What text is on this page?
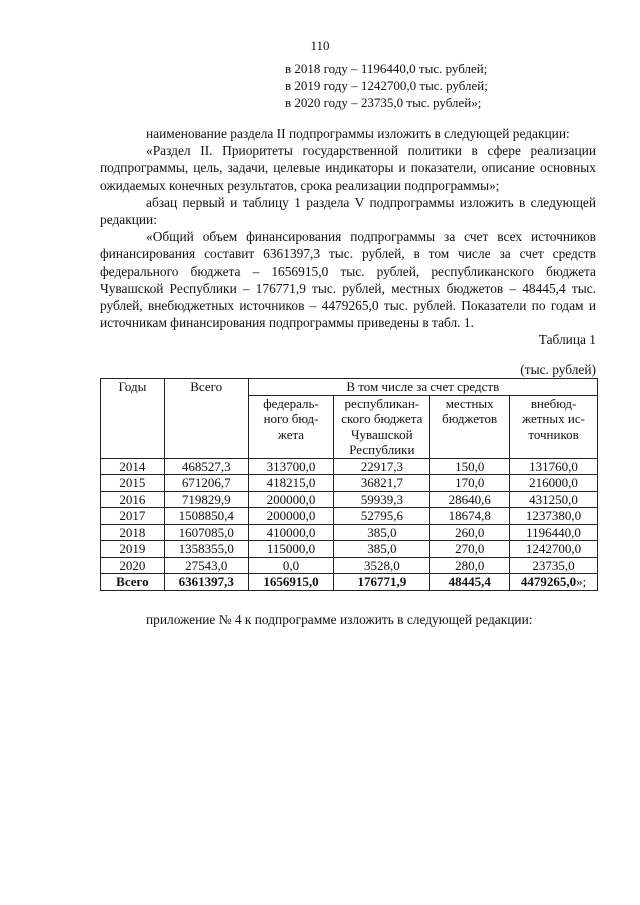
110
в 2018 году – 1196440,0 тыс. рублей;
в 2019 году – 1242700,0 тыс. рублей;
в 2020 году – 23735,0 тыс. рублей»;

наименование раздела II подпрограммы изложить в следующей редакции:

«Раздел II. Приоритеты государственной политики в сфере реализации подпрограммы, цель, задачи, целевые индикаторы и показатели, описание основных ожидаемых конечных результатов, срока реализации подпрограммы»;

абзац первый и таблицу 1 раздела V подпрограммы изложить в следующей редакции:

«Общий объем финансирования подпрограммы за счет всех источников финансирования составит 6361397,3 тыс. рублей, в том числе за счет средств федерального бюджета – 1656915,0 тыс. рублей, республиканского бюджета Чувашской Республики – 176771,9 тыс. рублей, местных бюджетов – 48445,4 тыс. рублей, внебюджетных источников – 4479265,0 тыс. рублей. Показатели по годам и источникам финансирования подпрограммы приведены в табл. 1.

Таблица 1
(тыс. рублей)
Годы	Всего	В том числе за счет средств			
		федераль-ного бюд-жета	республикан-ского бюджета Чувашской Республики	местных бюджетов	внебюд-жетных ис-точников
2014	468527,3	313700,0	22917,3	150,0	131760,0
2015	671206,7	418215,0	36821,7	170,0	216000,0
2016	719829,9	200000,0	59939,3	28640,6	431250,0
2017	1508850,4	200000,0	52795,6	18674,8	1237380,0
2018	1607085,0	410000,0	385,0	260,0	1196440,0
2019	1358355,0	115000,0	385,0	270,0	1242700,0
2020	27543,0	0,0	3528,0	280,0	23735,0
Всего	6361397,3	1656915,0	176771,9	48445,4	4479265,0»;
приложение № 4 к подпрограмме изложить в следующей редакции:
